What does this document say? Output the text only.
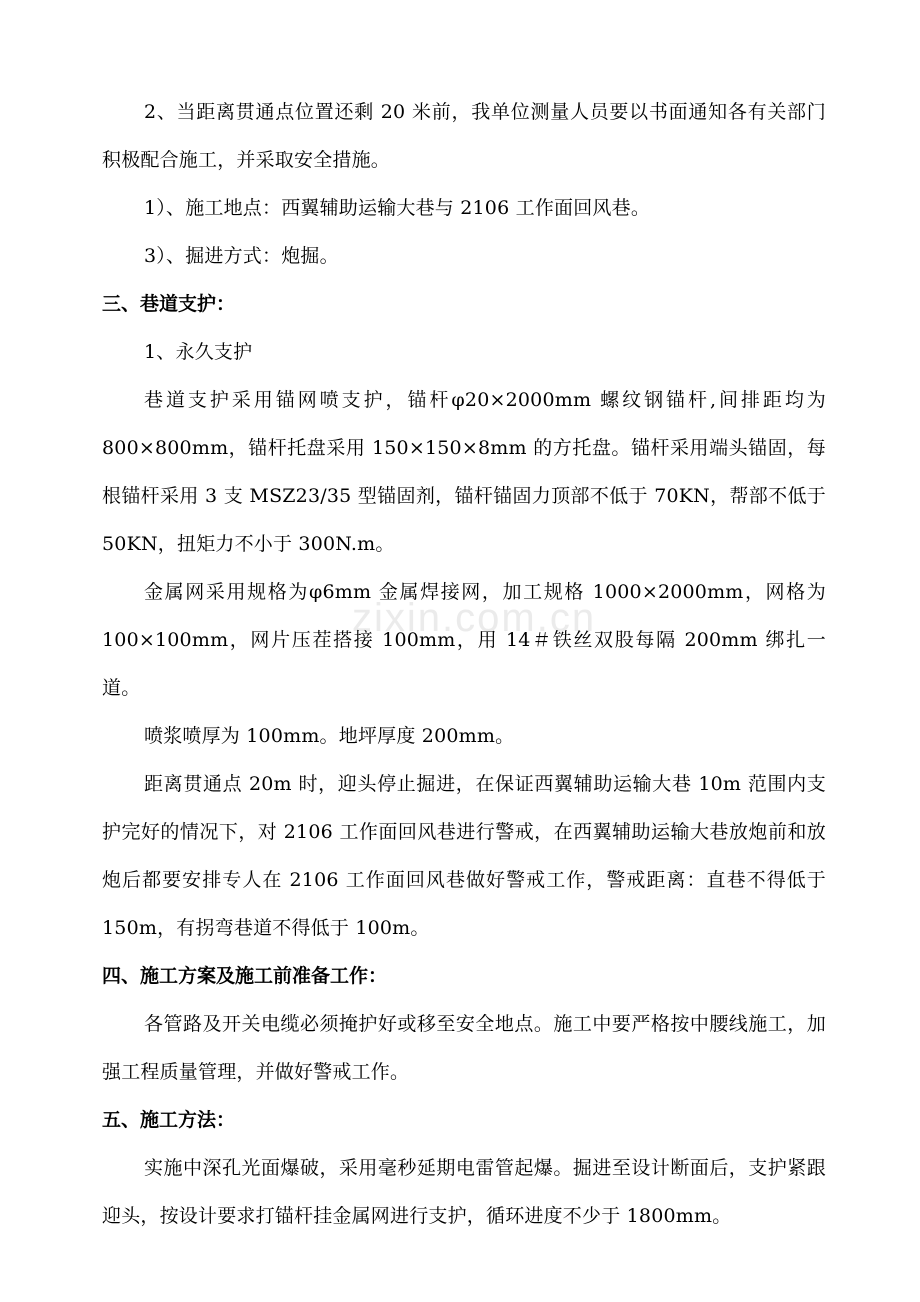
zixin.com.cn

2、当距离贯通点位置还剩 20 米前，我单位测量人员要以书面通知各有关部门积极配合施工，并采取安全措施。

1）、施工地点：西翼辅助运输大巷与 2106 工作面回风巷。

3）、掘进方式：炮掘。

三、巷道支护：

1、永久支护

巷道支护采用锚网喷支护，锚杆φ20×2000mm 螺纹钢锚杆,间排距均为 800×800mm，锚杆托盘采用 150×150×8mm 的方托盘。锚杆采用端头锚固，每根锚杆采用 3 支 MSZ23/35 型锚固剂，锚杆锚固力顶部不低于 70KN，帮部不低于 50KN，扭矩力不小于 300N.m。

金属网采用规格为φ6mm 金属焊接网，加工规格 1000×2000mm，网格为 100×100mm，网片压茬搭接 100mm，用 14＃铁丝双股每隔 200mm 绑扎一道。

喷浆喷厚为 100mm。地坪厚度 200mm。

距离贯通点 20m 时，迎头停止掘进，在保证西翼辅助运输大巷 10m 范围内支护完好的情况下，对 2106 工作面回风巷进行警戒，在西翼辅助运输大巷放炮前和放炮后都要安排专人在 2106 工作面回风巷做好警戒工作，警戒距离：直巷不得低于 150m，有拐弯巷道不得低于 100m。

四、施工方案及施工前准备工作：

各管路及开关电缆必须掩护好或移至安全地点。施工中要严格按中腰线施工，加强工程质量管理，并做好警戒工作。

五、施工方法：

实施中深孔光面爆破，采用毫秒延期电雷管起爆。掘进至设计断面后，支护紧跟迎头，按设计要求打锚杆挂金属网进行支护，循环进度不少于 1800mm。
